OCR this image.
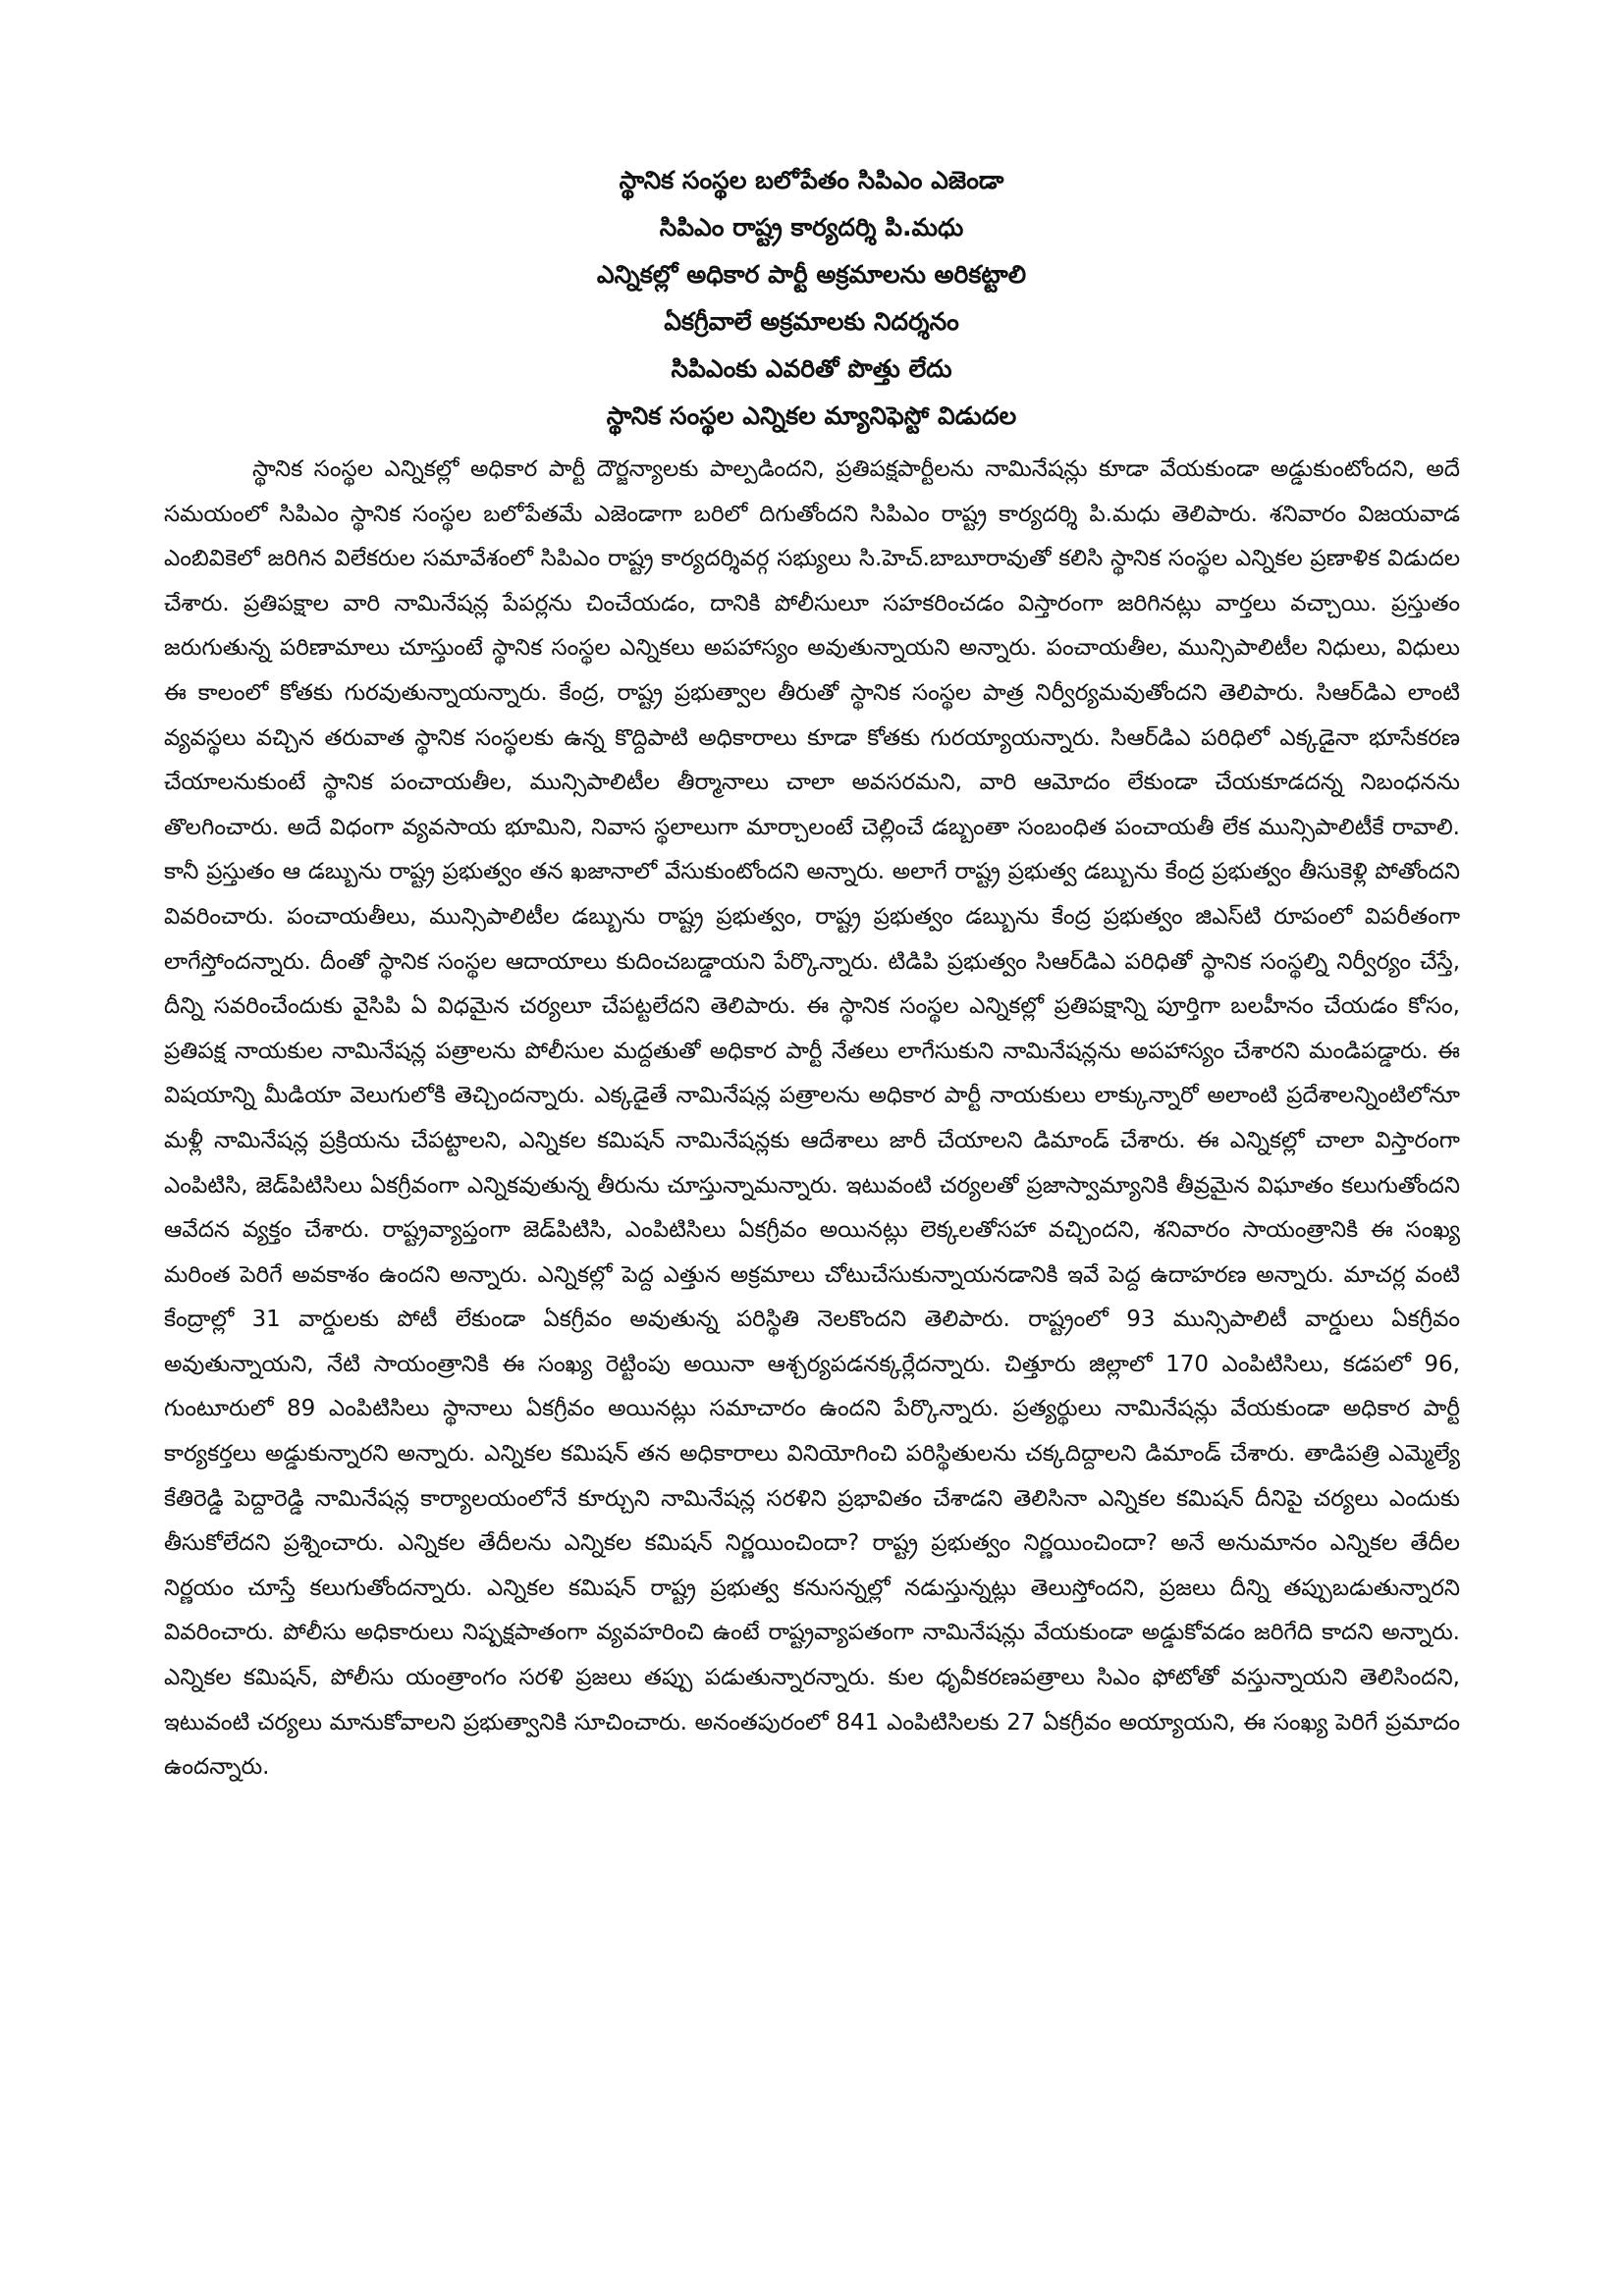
స్థానిక సంస్థల బలోపేతం సిపిఎం ఎజెండా
సిపిఎం రాష్ట్ర కార్యదర్శి పి.మధు
ఎన్నికల్లో అధికార పార్టీ అక్రమాలను అరికట్టాలి
ఏకగ్రీవాలే అక్రమాలకు నిదర్శనం
సిపిఎంకు ఎవరితో పొత్తు లేదు
స్థానిక సంస్థల ఎన్నికల మ్యానిఫెస్టో విడుదల

స్థానిక సంస్థల ఎన్నికల్లో అధికార పార్టీ దౌర్జన్యాలకు పాల్పడిందని, ప్రతిపక్షపార్టీలను నామినేషన్లు కూడా వేయకుండా అడ్డుకుంటోందని, అదే సమయంలో సిపిఎం స్థానిక సంస్థల బలోపేతమే ఎజెండాగా బరిలో దిగుతోందని సిపిఎం రాష్ట్ర కార్యదర్శి పి.మధు తెలిపారు. శనివారం విజయవాడ ఎంబివికెలో జరిగిన విలేకరుల సమావేశంలో సిపిఎం రాష్ట్ర కార్యదర్శివర్గ సభ్యులు సి.హెచ్.బాబూరావుతో కలిసి స్థానిక సంస్థల ఎన్నికల ప్రణాళిక విడుదల చేశారు. ప్రతిపక్షాల వారి నామినేషన్ల పేపర్లను చించేయడం, దానికి పోలీసులూ సహకరించడం విస్తారంగా జరిగినట్లు వార్తలు వచ్చాయి. ప్రస్తుతం జరుగుతున్న పరిణామాలు చూస్తుంటే స్థానిక సంస్థల ఎన్నికలు అపహాస్యం అవుతున్నాయని అన్నారు. పంచాయతీల, మున్సిపాలిటీల నిధులు, విధులు ఈ కాలంలో కోతకు గురవుతున్నాయన్నారు. కేంద్ర, రాష్ట్ర ప్రభుత్వాల తీరుతో స్థానిక సంస్థల పాత్ర నిర్వీర్యమవుతోందని తెలిపారు. సిఆర్‌డిఎ లాంటి వ్యవస్థలు వచ్చిన తరువాత స్థానిక సంస్థలకు ఉన్న కొద్దిపాటి అధికారాలు కూడా కోతకు గురయ్యాయన్నారు. సిఆర్‌డిఎ పరిధిలో ఎక్కడైనా భూసేకరణ చేయాలనుకుంటే స్థానిక పంచాయతీల, మున్సిపాలిటీల తీర్మానాలు చాలా అవసరమని, వారి ఆమోదం లేకుండా చేయకూడదన్న నిబంధనను తొలగించారు. అదే విధంగా వ్యవసాయ భూమిని, నివాస స్థలాలుగా మార్చాలంటే చెల్లించే డబ్బంతా సంబంధిత పంచాయతీ లేక మున్సిపాలిటీకే రావాలి. కానీ ప్రస్తుతం ఆ డబ్బును రాష్ట్ర ప్రభుత్వం తన ఖజానాలో వేసుకుంటోందని అన్నారు. అలాగే రాష్ట్ర ప్రభుత్వ డబ్బును కేంద్ర ప్రభుత్వం తీసుకెళ్లి పోతోందని వివరించారు. పంచాయతీలు, మున్సిపాలిటీల డబ్బును రాష్ట్ర ప్రభుత్వం, రాష్ట్ర ప్రభుత్వం డబ్బును కేంద్ర ప్రభుత్వం జిఎస్‌టి రూపంలో విపరీతంగా లాగేస్తోందన్నారు. దీంతో స్థానిక సంస్థల ఆదాయాలు కుదించబడ్డాయని పేర్కొన్నారు. టిడిపి ప్రభుత్వం సిఆర్‌డిఎ పరిధితో స్థానిక సంస్థల్ని నిర్వీర్యం చేస్తే, దీన్ని సవరించేందుకు వైసిపి ఏ విధమైన చర్యలూ చేపట్టలేదని తెలిపారు. ఈ స్థానిక సంస్థల ఎన్నికల్లో ప్రతిపక్షాన్ని పూర్తిగా బలహీనం చేయడం కోసం, ప్రతిపక్ష నాయకుల నామినేషన్ల పత్రాలను పోలీసుల మద్దతుతో అధికార పార్టీ నేతలు లాగేసుకుని నామినేషన్లను అపహాస్యం చేశారని మండిపడ్డారు. ఈ విషయాన్ని మీడియా వెలుగులోకి తెచ్చిందన్నారు. ఎక్కడైతే నామినేషన్ల పత్రాలను అధికార పార్టీ నాయకులు లాక్కున్నారో అలాంటి ప్రదేశాలన్నింటిలోనూ మళ్లీ నామినేషన్ల ప్రక్రియను చేపట్టాలని, ఎన్నికల కమిషన్ నామినేషన్లకు ఆదేశాలు జారీ చేయాలని డిమాండ్ చేశారు. ఈ ఎన్నికల్లో చాలా విస్తారంగా ఎంపిటిసి, జెడ్‌పిటిసిలు ఏకగ్రీవంగా ఎన్నికవుతున్న తీరును చూస్తున్నామన్నారు. ఇటువంటి చర్యలతో ప్రజాస్వామ్యానికి తీవ్రమైన విఘాతం కలుగుతోందని ఆవేదన వ్యక్తం చేశారు. రాష్ట్రవ్యాప్తంగా జెడ్‌పిటిసి, ఎంపిటిసిలు ఏకగ్రీవం అయినట్లు లెక్కలతోసహా వచ్చిందని, శనివారం సాయంత్రానికి ఈ సంఖ్య మరింత పెరిగే అవకాశం ఉందని అన్నారు. ఎన్నికల్లో పెద్ద ఎత్తున అక్రమాలు చోటుచేసుకున్నాయనడానికి ఇవే పెద్ద ఉదాహరణ అన్నారు. మాచర్ల వంటి కేంద్రాల్లో 31 వార్డులకు పోటీ లేకుండా ఏకగ్రీవం అవుతున్న పరిస్థితి నెలకొందని తెలిపారు. రాష్ట్రంలో 93 మున్సిపాలిటీ వార్డులు ఏకగ్రీవం అవుతున్నాయని, నేటి సాయంత్రానికి ఈ సంఖ్య రెట్టింపు అయినా ఆశ్చర్యపడనక్కర్లేదన్నారు. చిత్తూరు జిల్లాలో 170 ఎంపిటిసిలు, కడపలో 96, గుంటూరులో 89 ఎంపిటిసిలు స్థానాలు ఏకగ్రీవం అయినట్లు సమాచారం ఉందని పేర్కొన్నారు. ప్రత్యర్థులు నామినేషన్లు వేయకుండా అధికార పార్టీ కార్యకర్తలు అడ్డుకున్నారని అన్నారు. ఎన్నికల కమిషన్ తన అధికారాలు వినియోగించి పరిస్థితులను చక్కదిద్దాలని డిమాండ్ చేశారు. తాడిపత్రి ఎమ్మెల్యే కేతిరెడ్డి పెద్దారెడ్డి నామినేషన్ల కార్యాలయంలోనే కూర్చుని నామినేషన్ల సరళిని ప్రభావితం చేశాడని తెలిసినా ఎన్నికల కమిషన్ దీనిపై చర్యలు ఎందుకు తీసుకోలేదని ప్రశ్నించారు. ఎన్నికల తేదీలను ఎన్నికల కమిషన్ నిర్ణయించిందా? రాష్ట్ర ప్రభుత్వం నిర్ణయించిందా? అనే అనుమానం ఎన్నికల తేదీల నిర్ణయం చూస్తే కలుగుతోందన్నారు. ఎన్నికల కమిషన్ రాష్ట్ర ప్రభుత్వ కనుసన్నల్లో నడుస్తున్నట్లు తెలుస్తోందని, ప్రజలు దీన్ని తప్పుబడుతున్నారని వివరించారు. పోలీసు అధికారులు నిష్పక్షపాతంగా వ్యవహరించి ఉంటే రాష్ట్రవ్యాపతంగా నామినేషన్లు వేయకుండా అడ్డుకోవడం జరిగేది కాదని అన్నారు. ఎన్నికల కమిషన్, పోలీసు యంత్రాంగం సరళి ప్రజలు తప్పు పడుతున్నారన్నారు. కుల ధృవీకరణపత్రాలు సిఎం ఫోటోతో వస్తున్నాయని తెలిసిందని, ఇటువంటి చర్యలు మానుకోవాలని ప్రభుత్వానికి సూచించారు. అనంతపురంలో 841 ఎంపిటిసిలకు 27 ఏకగ్రీవం అయ్యాయని, ఈ సంఖ్య పెరిగే ప్రమాదం ఉందన్నారు.
